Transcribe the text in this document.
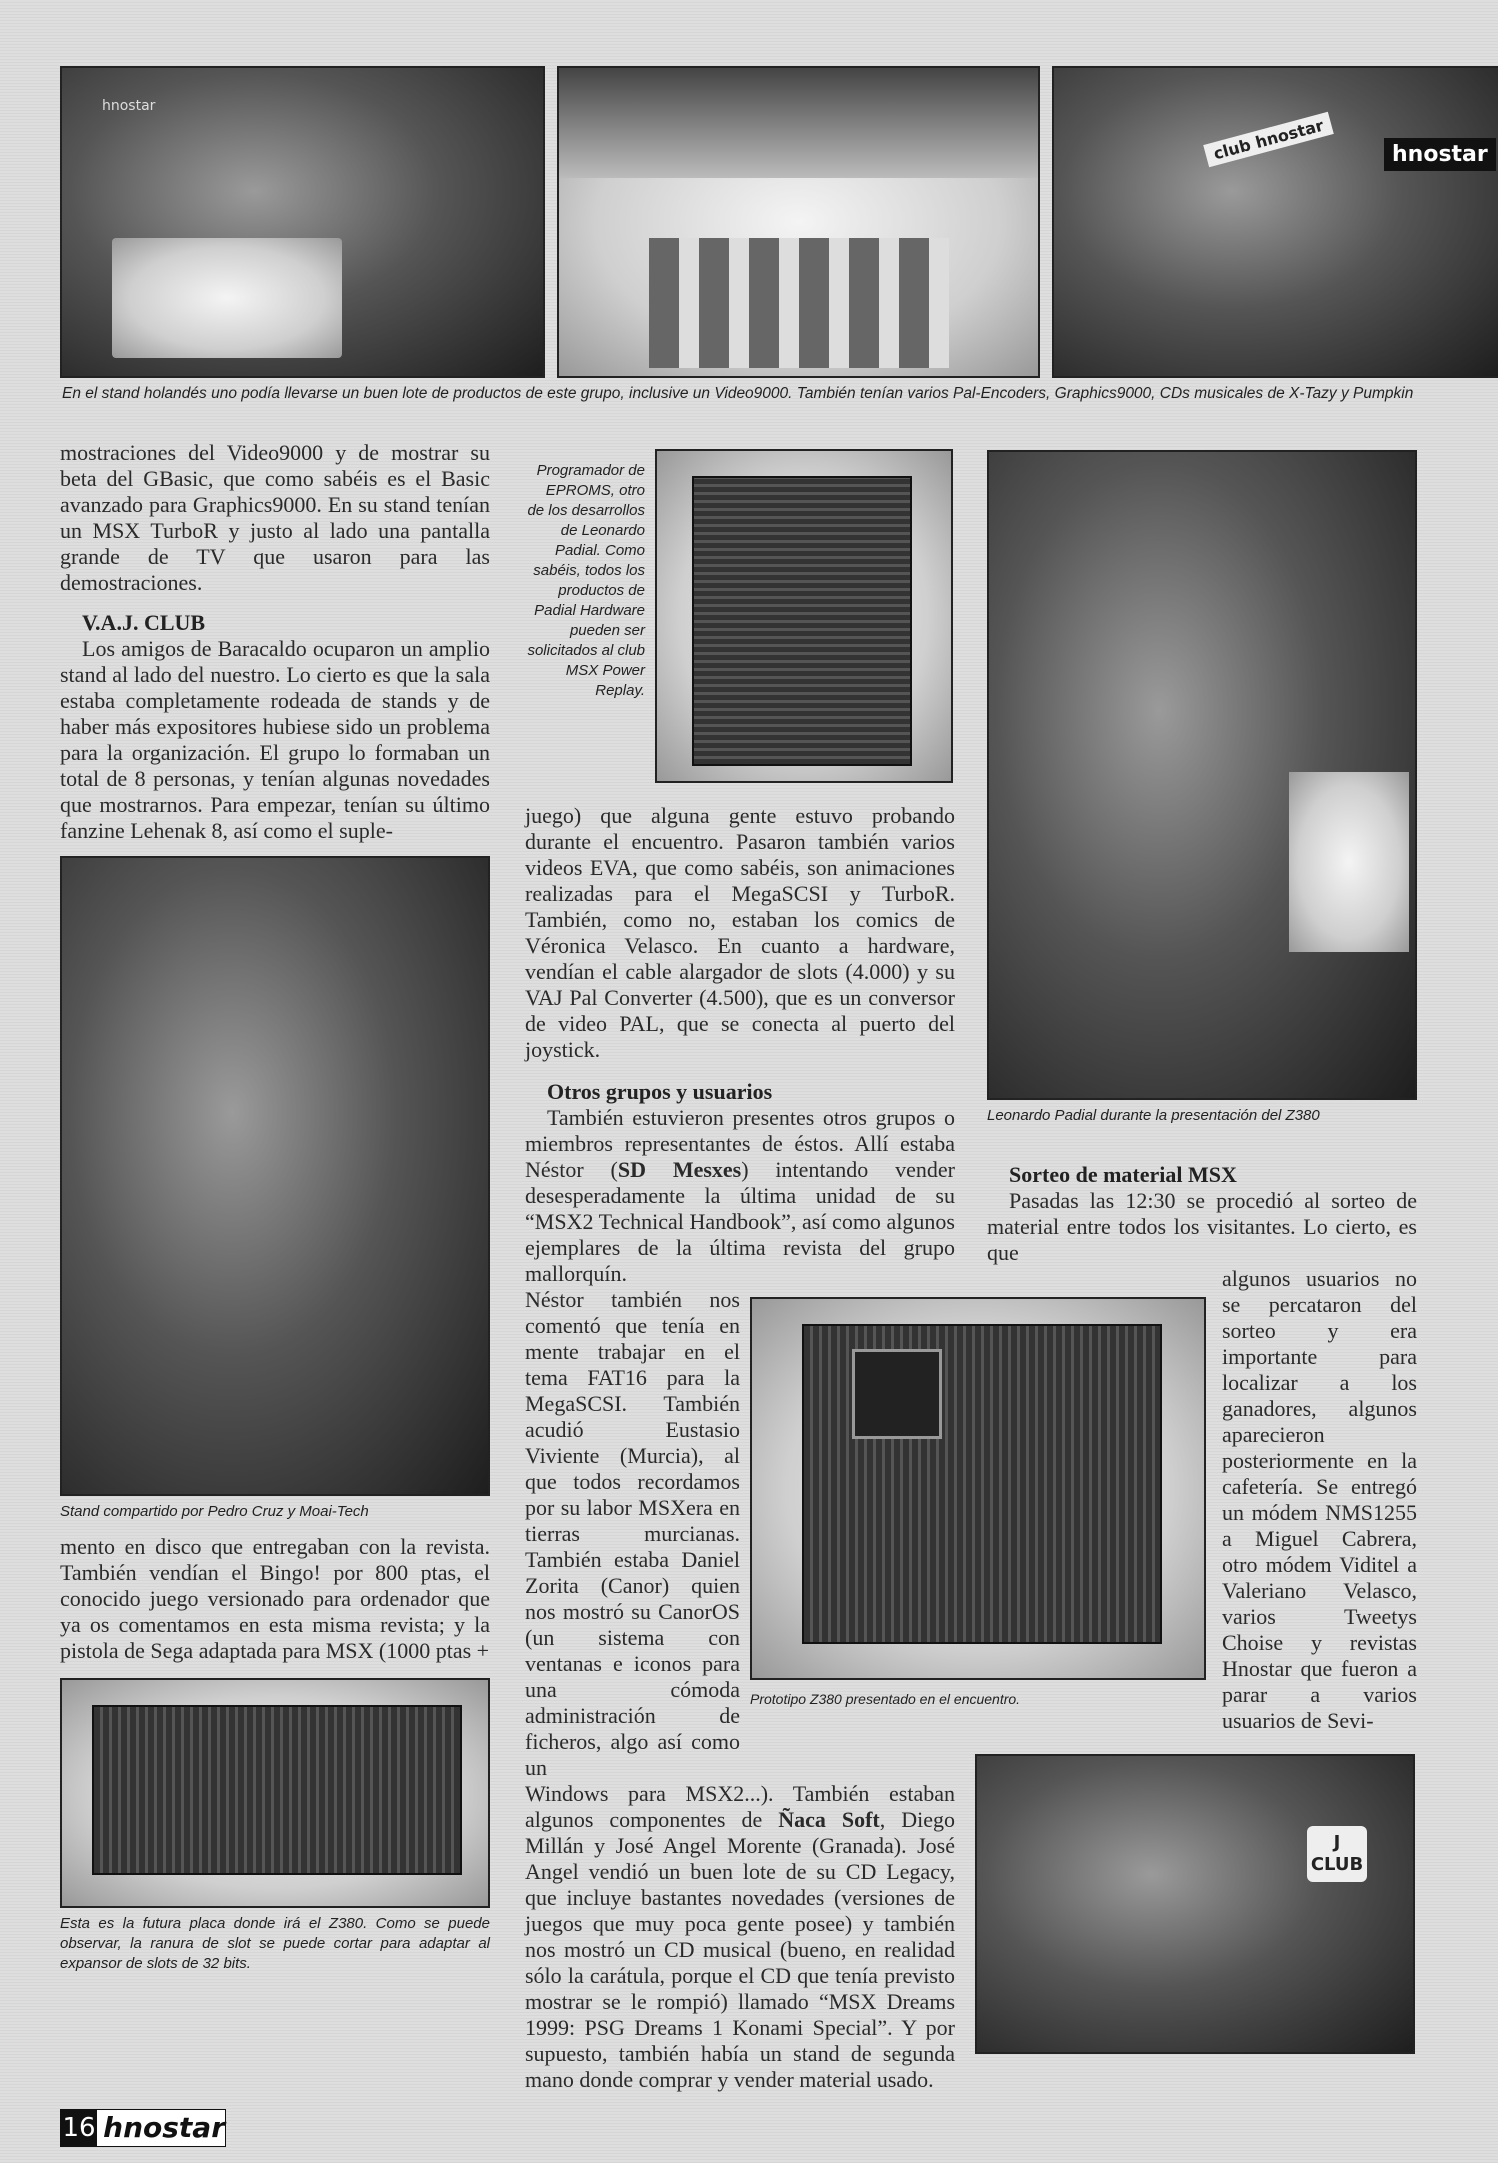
hnostar
club hnostar	hnostar
En el stand holandés uno podía llevarse un buen lote de productos de este grupo, inclusive un Video9000. También tenían varios Pal-Encoders, Graphics9000, CDs musicales de X-Tazy y Pumpkin

mostraciones del Video9000 y de mostrar su beta del GBasic, que como sabéis es el Basic avanzado para Graphics9000. En su stand tenían un MSX TurboR y justo al lado una pantalla grande de TV que usaron para las demostraciones.

V.A.J. CLUB

Los amigos de Baracaldo ocuparon un amplio stand al lado del nuestro. Lo cierto es que la sala estaba completamente rodeada de stands y de haber más expositores hubiese sido un problema para la organización. El grupo lo formaban un total de 8 personas, y tenían algunas novedades que mostrarnos. Para empezar, tenían su último fanzine Lehenak 8, así como el suple-

Stand compartido por Pedro Cruz y Moai-Tech

mento en disco que entregaban con la revista. También vendían el Bingo! por 800 ptas, el conocido juego versionado para ordenador que ya os comentamos en esta misma revista; y la pistola de Sega adaptada para MSX (1000 ptas +

Esta es la futura placa donde irá el Z380. Como se puede observar, la ranura de slot se puede cortar para adaptar al expansor de slots de 32 bits.
Programador de EPROMS, otro de los desarrollos de Leonardo Padial. Como sabéis, todos los productos de Padial Hardware pueden ser solicitados al club MSX Power Replay.

juego) que alguna gente estuvo probando durante el encuentro. Pasaron también varios videos EVA, que como sabéis, son animaciones realizadas para el MegaSCSI y TurboR. También, como no, estaban los comics de Véronica Velasco. En cuanto a hardware, vendían el cable alargador de slots (4.000) y su VAJ Pal Converter (4.500), que es un conversor de video PAL, que se conecta al puerto del joystick.

Otros grupos y usuarios

También estuvieron presentes otros grupos o miembros representantes de éstos. Allí estaba Néstor (SD Mesxes) intentando vender desesperadamente la última unidad de su “MSX2 Technical Handbook”, así como algunos ejemplares de la última revista del grupo mallorquín.

Prototipo Z380 presentado en el encuentro.

Néstor también nos comentó que tenía en mente trabajar en el tema FAT16 para la MegaSCSI. También acudió Eustasio Viviente (Murcia), al que todos recordamos por su labor MSXera en tierras murcianas. También estaba Daniel Zorita (Canor) quien nos mostró su CanorOS (un sistema con ventanas e iconos para una cómoda administración de ficheros, algo así como un

Windows para MSX2...). También estaban algunos componentes de Ñaca Soft, Diego Millán y José Angel Morente (Granada). José Angel vendió un buen lote de su CD Legacy, que incluye bastantes novedades (versiones de juegos que muy poca gente posee) y también nos mostró un CD musical (bueno, en realidad sólo la carátula, porque el CD que tenía previsto mostrar se le rompió) llamado “MSX Dreams 1999: PSG Dreams 1 Konami Special”. Y por supuesto, también había un stand de segunda mano donde comprar y vender material usado.

Leonardo Padial durante la presentación del Z380
Sorteo de material MSX

Pasadas las 12:30 se procedió al sorteo de material entre todos los visitantes. Lo cierto, es que

algunos usuarios no se percataron del sorteo y era importante para localizar a los ganadores, algunos aparecieron posteriormente en la cafetería. Se entregó un módem NMS1255 a Miguel Cabrera, otro módem Viditel a Valeriano Velasco, varios Tweetys Choise y revistas Hnostar que fueron a parar a varios usuarios de Sevi-

J CLUB
16 hnostar
